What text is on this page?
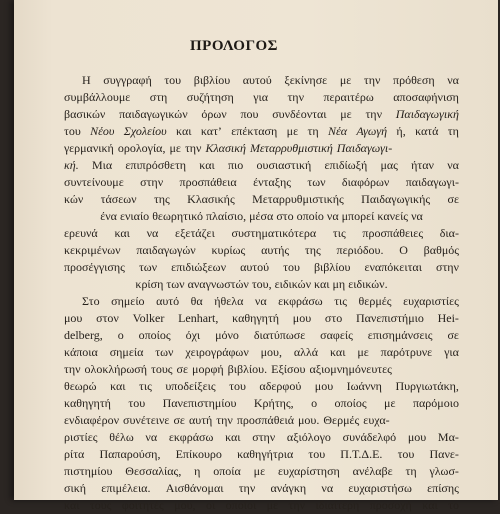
ΠΡΟΛΟΓΟΣ
Η συγγραφή του βιβλίου αυτού ξεκίνησε με την πρόθεση να
συμβάλλουμε στη συζήτηση για την περαιτέρω αποσαφήνιση
βασικών παιδαγωγικών όρων που συνδέονται με την Παιδαγωγική
του Νέου Σχολείου και κατ’ επέκταση με τη Νέα Αγωγή ή, κατά τη
γερμανική ορολογία, με την Κλασική Μεταρρυθμιστική Παιδαγωγι-
κή. Μια επιπρόσθετη και πιο ουσιαστική επιδίωξή μας ήταν να
συντείνουμε στην προσπάθεια ένταξης των διαφόρων παιδαγωγι-
κών τάσεων της Κλασικής Μεταρρυθμιστικής Παιδαγωγικής σε
ένα ενιαίο θεωρητικό πλαίσιο, μέσα στο οποίο να μπορεί κανείς να
ερευνά και να εξετάζει συστηματικότερα τις προσπάθειες δια-
κεκριμένων παιδαγωγών κυρίως αυτής της περιόδου. Ο βαθμός
προσέγγισης των επιδιώξεων αυτού του βιβλίου εναπόκειται στην
κρίση των αναγνωστών του, ειδικών και μη ειδικών.
Στο σημείο αυτό θα ήθελα να εκφράσω τις θερμές ευχαριστίες
μου στον Volker Lenhart, καθηγητή μου στο Πανεπιστήμιο Hei-
delberg, ο οποίος όχι μόνο διατύπωσε σαφείς επισημάνσεις σε
κάποια σημεία των χειρογράφων μου, αλλά και με παρότρυνε για
την ολοκλήρωσή τους σε μορφή βιβλίου. Εξίσου αξιομνημόνευτες
θεωρώ και τις υποδείξεις του αδερφού μου Ιωάννη Πυργιωτάκη,
καθηγητή του Πανεπιστημίου Κρήτης, ο οποίος με παρόμοιο
ενδιαφέρον συνέτεινε σε αυτή την προσπάθειά μου. Θερμές ευχα-
ριστίες θέλω να εκφράσω και στην αξιόλογο συνάδελφό μου Μα-
ρίτα Παπαρούση, Επίκουρο καθηγήτρια του Π.Τ.Δ.Ε. του Πανε-
πιστημίου Θεσσαλίας, η οποία με ευχαρίστηση ανέλαβε τη γλωσ-
σική επιμέλεια. Αισθάνομαι την ανάγκη να ευχαριστήσω επίσης
και τους φοιτητές μου, οι οποίοι με την ιδιαίτερη προσοχή και το
